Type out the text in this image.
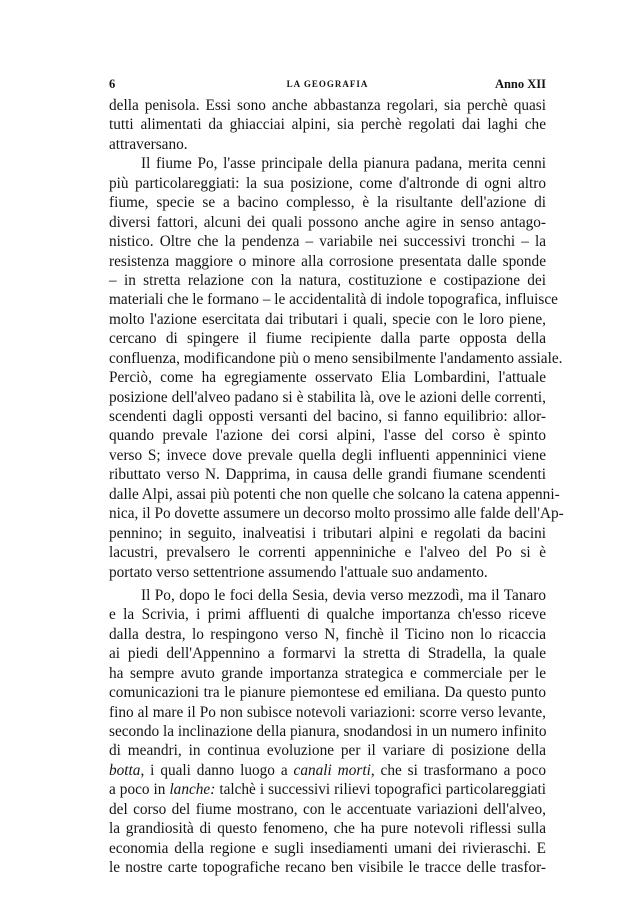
6	LA GEOGRAFIA	Anno XII
della penisola. Essi sono anche abbastanza regolari, sia perchè quasi
tutti alimentati da ghiacciai alpini, sia perchè regolati dai laghi che
attraversano.
Il fiume Po, l'asse principale della pianura padana, merita cenni
più particolareggiati: la sua posizione, come d'altronde di ogni altro
fiume, specie se a bacino complesso, è la risultante dell'azione di
diversi fattori, alcuni dei quali possono anche agire in senso antago-
nistico. Oltre che la pendenza – variabile nei successivi tronchi – la
resistenza maggiore o minore alla corrosione presentata dalle sponde
– in stretta relazione con la natura, costituzione e costipazione dei
materiali che le formano – le accidentalità di indole topografica, influisce
molto l'azione esercitata dai tributari i quali, specie con le loro piene,
cercano di spingere il fiume recipiente dalla parte opposta della
confluenza, modificandone più o meno sensibilmente l'andamento assiale.
Perciò, come ha egregiamente osservato Elia Lombardini, l'attuale
posizione dell'alveo padano si è stabilita là, ove le azioni delle correnti,
scendenti dagli opposti versanti del bacino, si fanno equilibrio: allor-
quando prevale l'azione dei corsi alpini, l'asse del corso è spinto
verso S; invece dove prevale quella degli influenti appenninici viene
ributtato verso N. Dapprima, in causa delle grandi fiumane scendenti
dalle Alpi, assai più potenti che non quelle che solcano la catena appenni-
nica, il Po dovette assumere un decorso molto prossimo alle falde dell'Ap-
pennino; in seguito, inalveatisi i tributari alpini e regolati da bacini
lacustri, prevalsero le correnti appenniniche e l'alveo del Po si è
portato verso settentrione assumendo l'attuale suo andamento.
Il Po, dopo le foci della Sesia, devia verso mezzodì, ma il Tanaro
e la Scrivia, i primi affluenti di qualche importanza ch'esso riceve
dalla destra, lo respingono verso N, finchè il Ticino non lo ricaccia
ai piedi dell'Appennino a formarvi la stretta di Stradella, la quale
ha sempre avuto grande importanza strategica e commerciale per le
comunicazioni tra le pianure piemontese ed emiliana. Da questo punto
fino al mare il Po non subisce notevoli variazioni: scorre verso levante,
secondo la inclinazione della pianura, snodandosi in un numero infinito
di meandri, in continua evoluzione per il variare di posizione della
botta, i quali danno luogo a canali morti, che si trasformano a poco
a poco in lanche: talchè i successivi rilievi topografici particolareggiati
del corso del fiume mostrano, con le accentuate variazioni dell'alveo,
la grandiosità di questo fenomeno, che ha pure notevoli riflessi sulla
economia della regione e sugli insediamenti umani dei rivieraschi. E
le nostre carte topografiche recano ben visibile le tracce delle trasfor-
